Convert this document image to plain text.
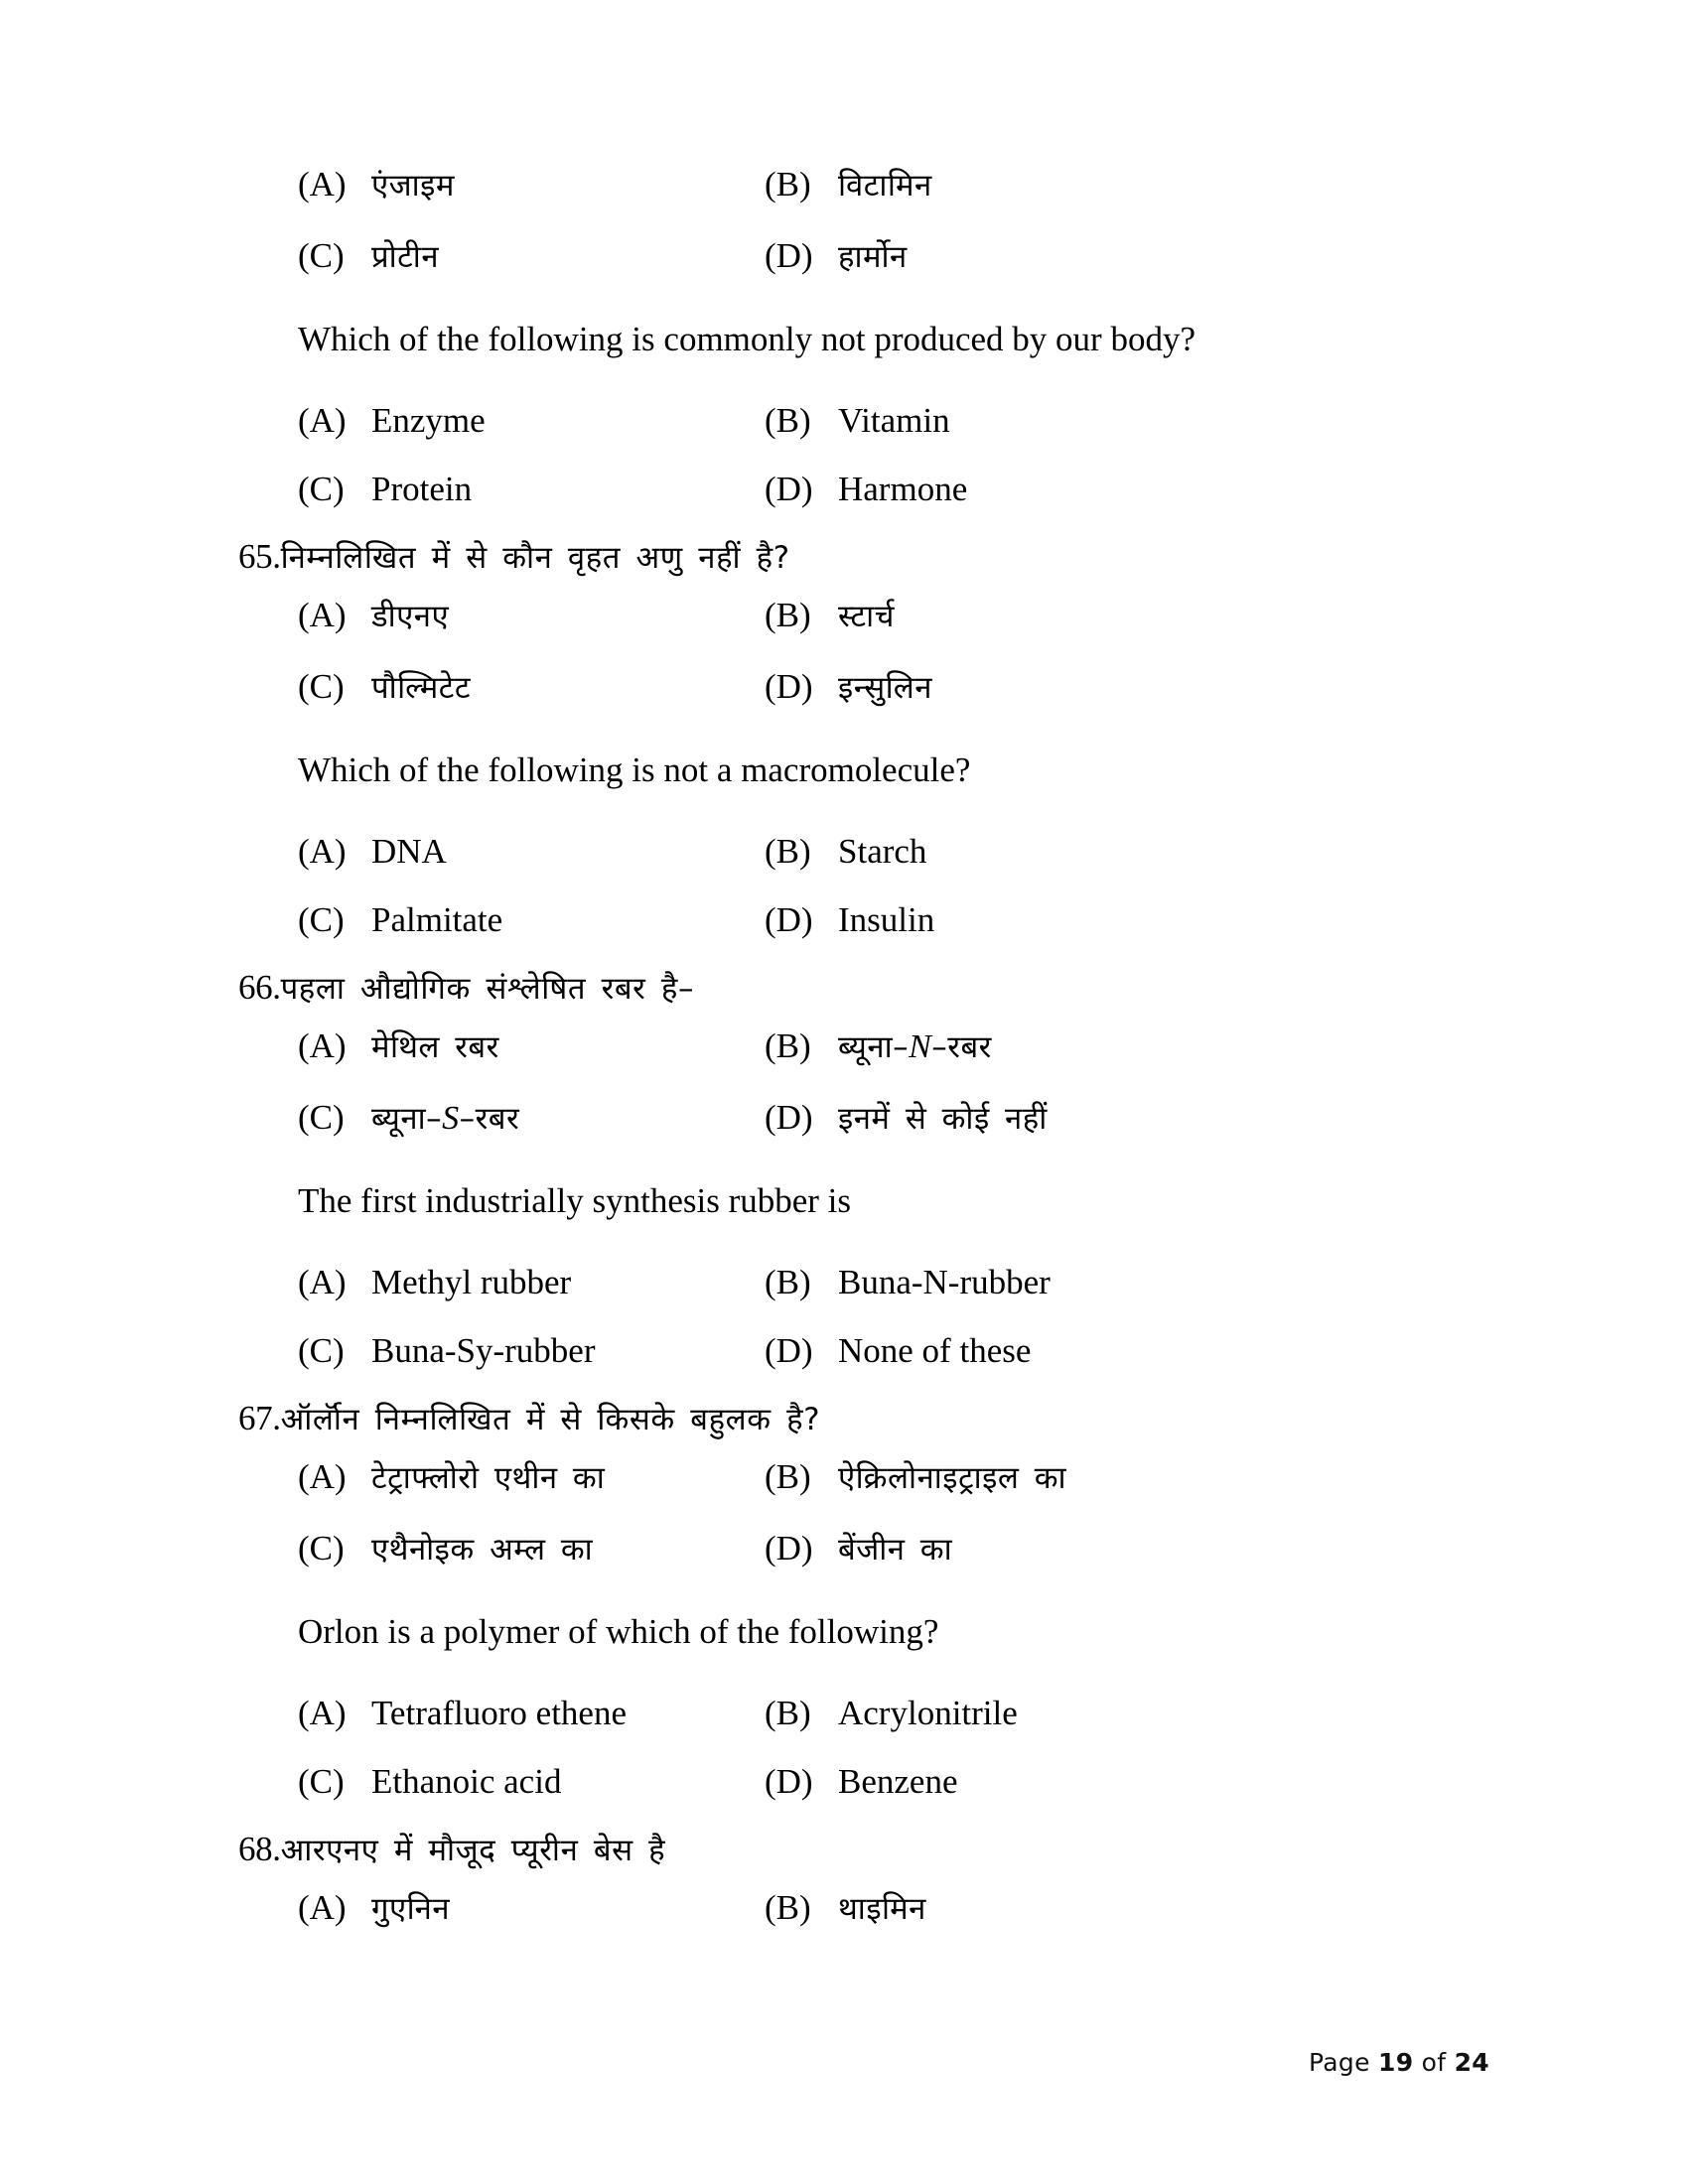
(A) एंजाइम	(B) विटामिन
(C) प्रोटीन	(D) हार्मोन
Which of the following is commonly not produced by our body?
(A) Enzyme	(B) Vitamin
(C) Protein	(D) Harmone
65. निम्नलिखित में से कौन वृहत अणु नहीं है?
(A) डीएनए	(B) स्टार्च
(C) पौल्मिटेट	(D) इन्सुलिन
Which of the following is not a macromolecule?
(A) DNA	(B) Starch
(C) Palmitate	(D) Insulin
66. पहला औद्योगिक संश्लेषित रबर है–
(A) मेथिल रबर	(B) ब्यूना–N–रबर
(C) ब्यूना–S–रबर	(D) इनमें से कोई नहीं
The first industrially synthesis rubber is
(A) Methyl rubber	(B) Buna-N-rubber
(C) Buna-Sy-rubber	(D) None of these
67. ऑर्लॉन निम्नलिखित में से किसके बहुलक है?
(A) टेट्राफ्लोरो एथीन का	(B) ऐक्रिलोनाइट्राइल का
(C) एथैनोइक अम्ल का	(D) बेंजीन का
Orlon is a polymer of which of the following?
(A) Tetrafluoro ethene	(B) Acrylonitrile
(C) Ethanoic acid	(D) Benzene
68. आरएनए में मौजूद प्यूरीन बेस है
(A) गुएनिन	(B) थाइमिन
Page 19 of 24
